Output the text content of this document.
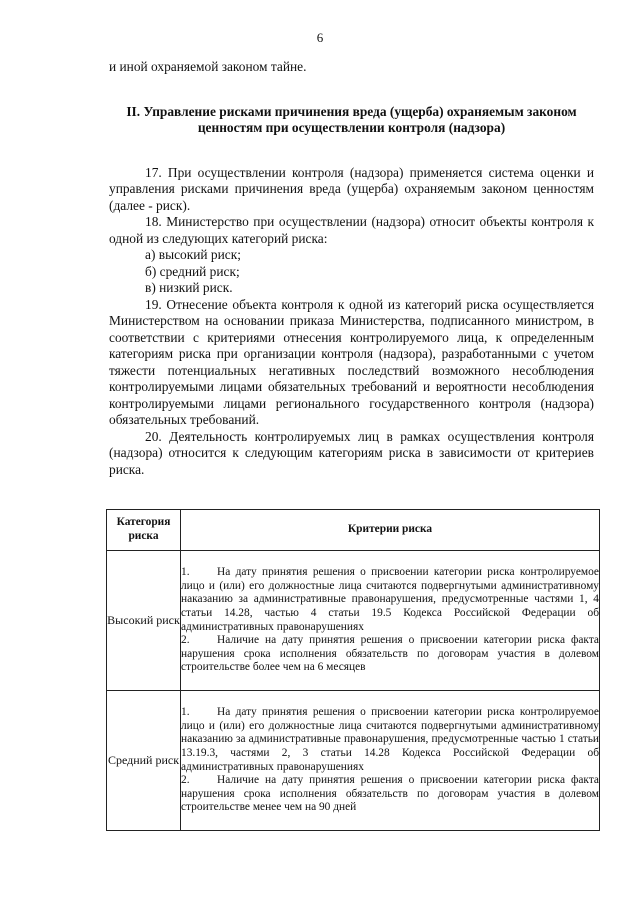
6

и иной охраняемой законом тайне.

II. Управление рисками причинения вреда (ущерба) охраняемым законом ценностям при осуществлении контроля (надзора)

17. При осуществлении контроля (надзора) применяется система оценки и управления рисками причинения вреда (ущерба) охраняемым законом ценностям (далее - риск).

18. Министерство при осуществлении (надзора) относит объекты контроля к одной из следующих категорий риска:

а) высокий риск;

б) средний риск;

в) низкий риск.

19. Отнесение объекта контроля к одной из категорий риска осуществляется Министерством на основании приказа Министерства, подписанного министром, в соответствии с критериями отнесения контролируемого лица, к определенным категориям риска при организации контроля (надзора), разработанными с учетом тяжести потенциальных негативных последствий возможного несоблюдения контролируемыми лицами обязательных требований и вероятности несоблюдения контролируемыми лицами регионального государственного контроля (надзора) обязательных требований.

20. Деятельность контролируемых лиц в рамках осуществления контроля (надзора) относится к следующим категориям риска в зависимости от критериев риска.

Категория риска	Критерии риска
Высокий риск	1. На дату принятия решения о присвоении категории риска контролируемое лицо и (или) его должностные лица считаются подвергнутыми административному наказанию за административные правонарушения, предусмотренные частями 1, 4 статьи 14.28, частью 4 статьи 19.5 Кодекса Российской Федерации об административных правонарушениях

2. Наличие на дату принятия решения о присвоении категории риска факта нарушения срока исполнения обязательств по договорам участия в долевом строительстве более чем на 6 месяцев

Средний риск	1. На дату принятия решения о присвоении категории риска контролируемое лицо и (или) его должностные лица считаются подвергнутыми административному наказанию за административные правонарушения, предусмотренные частью 1 статьи 13.19.3, частями 2, 3 статьи 14.28 Кодекса Российской Федерации об административных правонарушениях

2. Наличие на дату принятия решения о присвоении категории риска факта нарушения срока исполнения обязательств по договорам участия в долевом строительстве менее чем на 90 дней
